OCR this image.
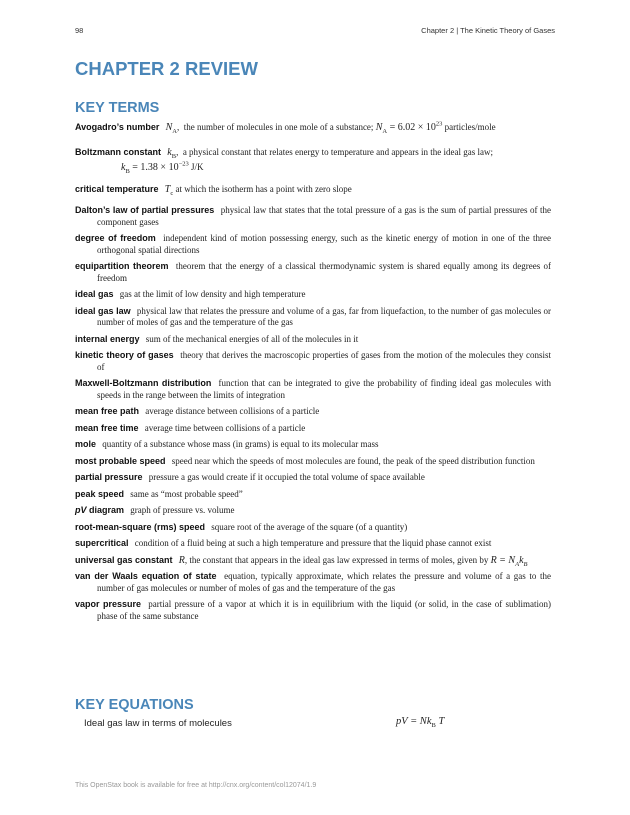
98	Chapter 2 | The Kinetic Theory of Gases
CHAPTER 2 REVIEW
KEY TERMS
Avogadro’s number $N_A$, the number of molecules in one mole of a substance; $N_A = 6.02 \times 10^{23}$ particles/mole
Boltzmann constant $k_B$, a physical constant that relates energy to temperature and appears in the ideal gas law;
$k_B = 1.38 \times 10^{-23}$ J/K
critical temperature $T_c$ at which the isotherm has a point with zero slope
Dalton’s law of partial pressures physical law that states that the total pressure of a gas is the sum of partial pressures of the component gases
degree of freedom independent kind of motion possessing energy, such as the kinetic energy of motion in one of the three orthogonal spatial directions
equipartition theorem theorem that the energy of a classical thermodynamic system is shared equally among its degrees of freedom
ideal gas gas at the limit of low density and high temperature
ideal gas law physical law that relates the pressure and volume of a gas, far from liquefaction, to the number of gas molecules or number of moles of gas and the temperature of the gas
internal energy sum of the mechanical energies of all of the molecules in it
kinetic theory of gases theory that derives the macroscopic properties of gases from the motion of the molecules they consist of
Maxwell-Boltzmann distribution function that can be integrated to give the probability of finding ideal gas molecules with speeds in the range between the limits of integration
mean free path average distance between collisions of a particle
mean free time average time between collisions of a particle
mole quantity of a substance whose mass (in grams) is equal to its molecular mass
most probable speed speed near which the speeds of most molecules are found, the peak of the speed distribution function
partial pressure pressure a gas would create if it occupied the total volume of space available
peak speed same as “most probable speed”
pV diagram graph of pressure vs. volume
root-mean-square (rms) speed square root of the average of the square (of a quantity)
supercritical condition of a fluid being at such a high temperature and pressure that the liquid phase cannot exist
universal gas constant R, the constant that appears in the ideal gas law expressed in terms of moles, given by $R = N_Ak_B$
van der Waals equation of state equation, typically approximate, which relates the pressure and volume of a gas to the number of gas molecules or number of moles of gas and the temperature of the gas
vapor pressure partial pressure of a vapor at which it is in equilibrium with the liquid (or solid, in the case of sublimation) phase of the same substance
KEY EQUATIONS
Ideal gas law in terms of molecules	pV = $Nk_B$ T
This OpenStax book is available for free at http://cnx.org/content/col12074/1.9
